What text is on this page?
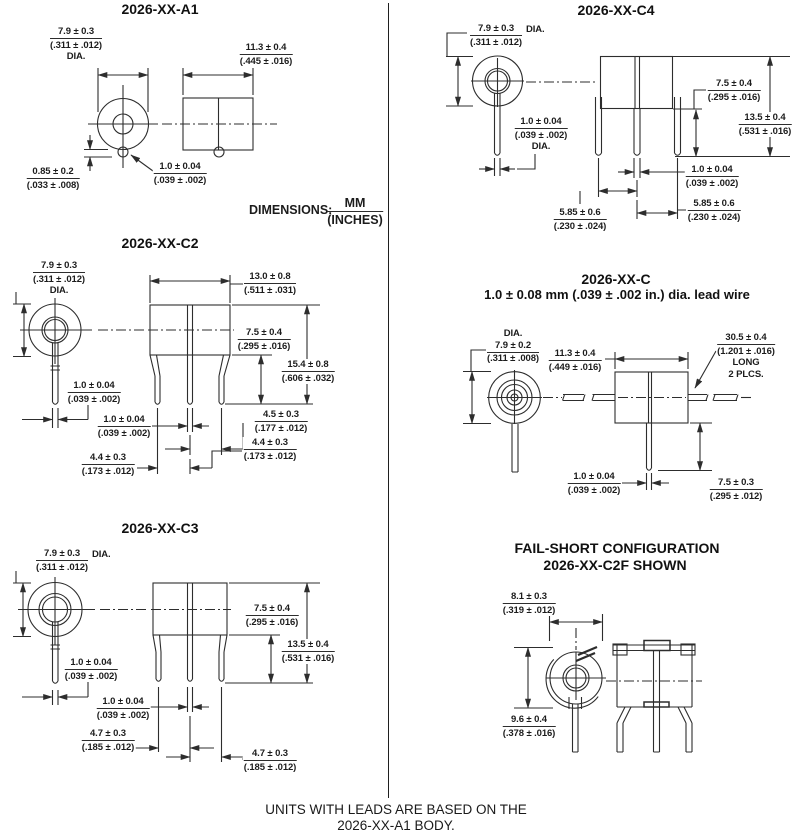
2026-XX-A1	2026-XX-C4
2026-XX-C2
2026-XX-C
1.0 ± 0.08 mm (.039 ± .002 in.) dia. lead wire
2026-XX-C3
FAIL-SHORT CONFIGURATION
2026-XX-C2F SHOWN
7.9 ± 0.3
(.311 ± .012)
DIA.
11.3 ± 0.4
(.445 ± .016)
0.85 ± 0.2
(.033 ± .008)
1.0 ± 0.04
(.039 ± .002)
DIMENSIONS: MM
(INCHES)
7.9 ± 0.3
(.311 ± .012)
DIA.
1.0 ± 0.04
(.039 ± .002)
DIA.
7.5 ± 0.4
(.295 ± .016)
13.5 ± 0.4
(.531 ± .016)
1.0 ± 0.04
(.039 ± .002)
5.85 ± 0.6
(.230 ± .024)
5.85 ± 0.6
(.230 ± .024)
7.9 ± 0.3
(.311 ± .012)
DIA.
13.0 ± 0.8
(.511 ± .031)
7.5 ± 0.4
(.295 ± .016)
15.4 ± 0.8
(.606 ± .032)
1.0 ± 0.04
(.039 ± .002)
1.0 ± 0.04
(.039 ± .002)
4.5 ± 0.3
(.177 ± .012)
4.4 ± 0.3
(.173 ± .012)
4.4 ± 0.3
(.173 ± .012)
DIA.
7.9 ± 0.2
(.311 ± .008)	11.3 ± 0.4
(.449 ± .016)
30.5 ± 0.4
(1.201 ± .016)
LONG
2 PLCS.
1.0 ± 0.04
(.039 ± .002)
7.5 ± 0.3
(.295 ± .012)
7.9 ± 0.3
(.311 ± .012)
DIA.
7.5 ± 0.4
(.295 ± .016)
13.5 ± 0.4
(.531 ± .016)
1.0 ± 0.04
(.039 ± .002)
1.0 ± 0.04
(.039 ± .002)
4.7 ± 0.3
(.185 ± .012)
4.7 ± 0.3
(.185 ± .012)
8.1 ± 0.3
(.319 ± .012)
9.6 ± 0.4
(.378 ± .016)
UNITS WITH LEADS ARE BASED ON THE
2026-XX-A1 BODY.
